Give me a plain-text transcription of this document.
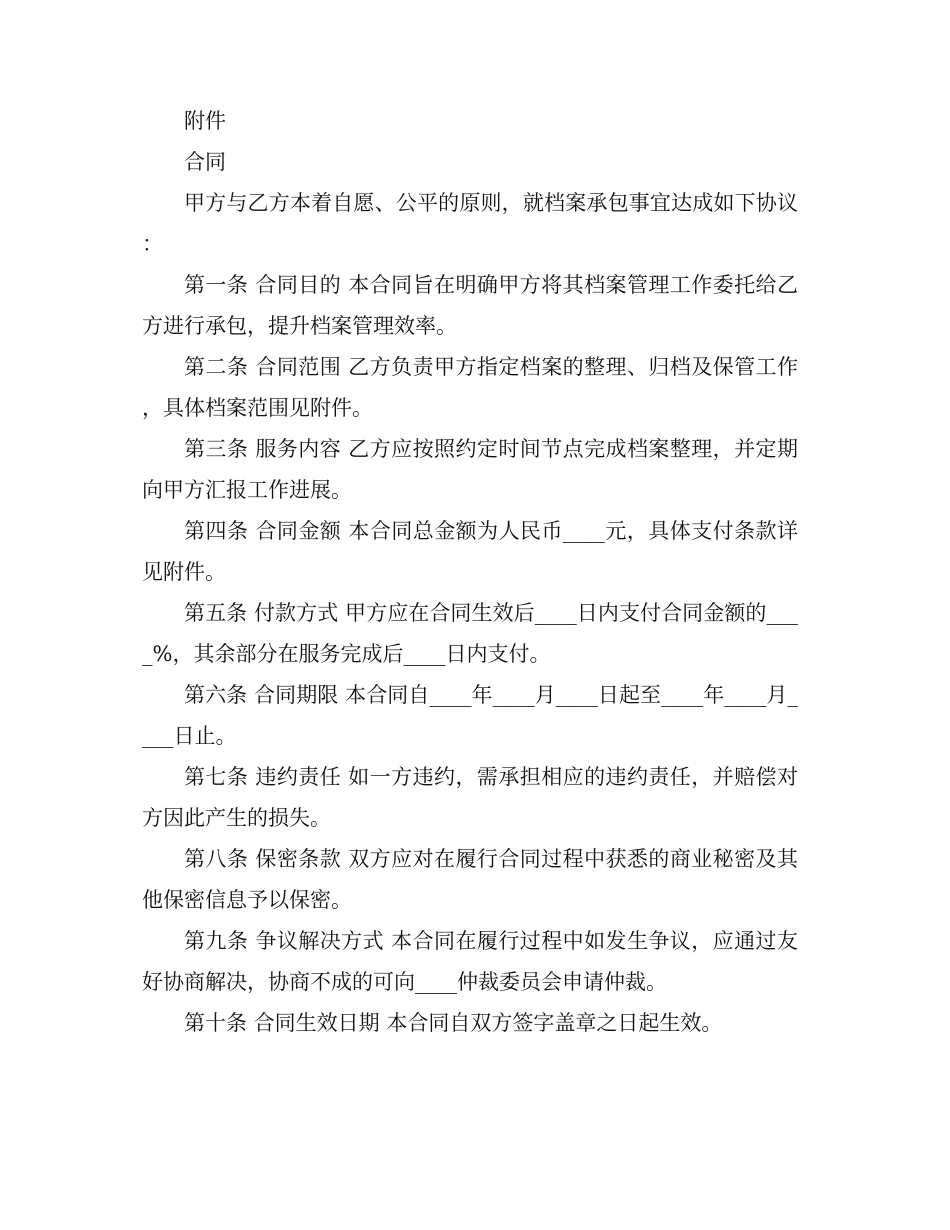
附件

合同

甲方与乙方本着自愿、公平的原则，就档案承包事宜达成如下协议：

第一条 合同目的 本合同旨在明确甲方将其档案管理工作委托给乙方进行承包，提升档案管理效率。

第二条 合同范围 乙方负责甲方指定档案的整理、归档及保管工作，具体档案范围见附件。

第三条 服务内容 乙方应按照约定时间节点完成档案整理，并定期向甲方汇报工作进展。

第四条 合同金额 本合同总金额为人民币____元，具体支付条款详见附件。

第五条 付款方式 甲方应在合同生效后____日内支付合同金额的____%，其余部分在服务完成后____日内支付。

第六条 合同期限 本合同自____年____月____日起至____年____月____日止。

第七条 违约责任 如一方违约，需承担相应的违约责任，并赔偿对方因此产生的损失。

第八条 保密条款 双方应对在履行合同过程中获悉的商业秘密及其他保密信息予以保密。

第九条 争议解决方式 本合同在履行过程中如发生争议，应通过友好协商解决，协商不成的可向____仲裁委员会申请仲裁。

第十条 合同生效日期 本合同自双方签字盖章之日起生效。
